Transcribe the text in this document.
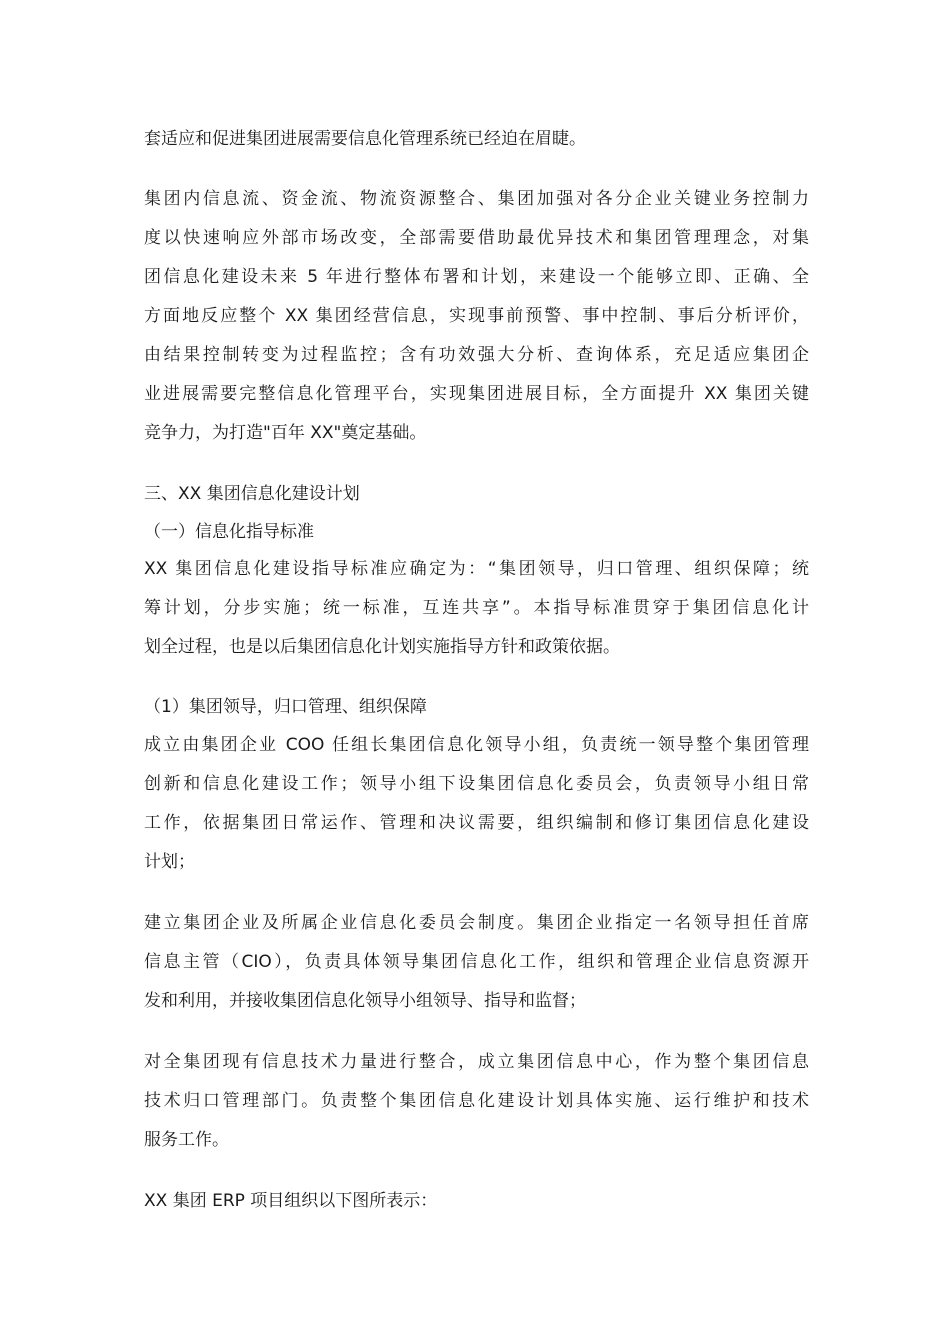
套适应和促进集团进展需要信息化管理系统已经迫在眉睫。
集团内信息流、资金流、物流资源整合、集团加强对各分企业关键业务控制力
度以快速响应外部市场改变，全部需要借助最优异技术和集团管理理念，对集
团信息化建设未来 5 年进行整体布署和计划，来建设一个能够立即、正确、全
方面地反应整个 XX 集团经营信息，实现事前预警、事中控制、事后分析评价，
由结果控制转变为过程监控；含有功效强大分析、查询体系，充足适应集团企
业进展需要完整信息化管理平台，实现集团进展目标，全方面提升 XX 集团关键
竞争力，为打造"百年 XX"奠定基础。
三、XX 集团信息化建设计划
（一）信息化指导标准
XX 集团信息化建设指导标准应确定为：“集团领导，归口管理、组织保障；统
筹计划，分步实施；统一标准，互连共享”。本指导标准贯穿于集团信息化计
划全过程，也是以后集团信息化计划实施指导方针和政策依据。
（1）集团领导，归口管理、组织保障
成立由集团企业 COO 任组长集团信息化领导小组，负责统一领导整个集团管理
创新和信息化建设工作；领导小组下设集团信息化委员会，负责领导小组日常
工作，依据集团日常运作、管理和决议需要，组织编制和修订集团信息化建设
计划；
建立集团企业及所属企业信息化委员会制度。集团企业指定一名领导担任首席
信息主管（CIO），负责具体领导集团信息化工作，组织和管理企业信息资源开
发和利用，并接收集团信息化领导小组领导、指导和监督；
对全集团现有信息技术力量进行整合，成立集团信息中心，作为整个集团信息
技术归口管理部门。负责整个集团信息化建设计划具体实施、运行维护和技术
服务工作。
XX 集团 ERP 项目组织以下图所表示：
